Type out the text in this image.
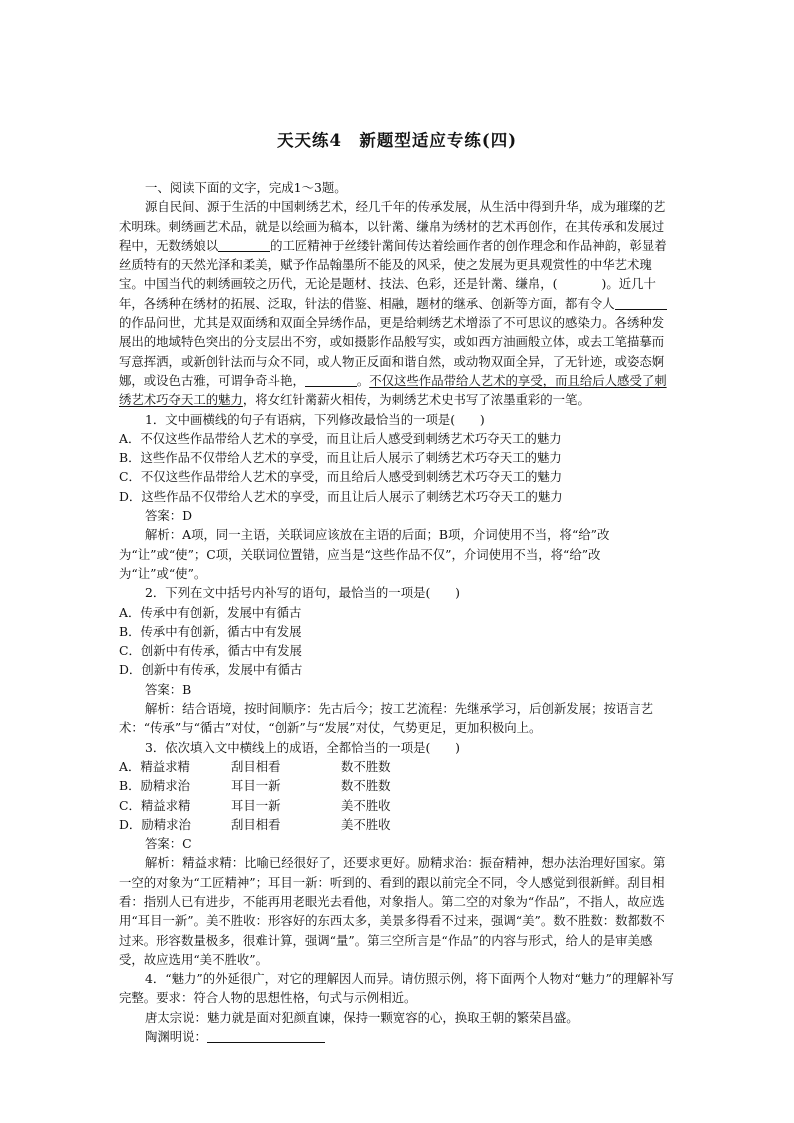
天天练4　新题型适应专练(四)

一、阅读下面的文字，完成1～3题。

源自民间、源于生活的中国刺绣艺术，经几千年的传承发展，从生活中得到升华，成为璀璨的艺术明珠。刺绣画艺术品，就是以绘画为稿本，以针黹、缣帛为绣材的艺术再创作，在其传承和发展过程中，无数绣娘以	的工匠精神于丝缕针黹间传达着绘画作者的创作理念和作品神韵，彰显着丝质特有的天然光泽和柔美，赋予作品翰墨所不能及的风采，使之发展为更具观赏性的中华艺术瑰宝。中国当代的刺绣画较之历代，无论是题材、技法、色彩，还是针黹、缣帛，(	)。近几十年，各绣种在绣材的拓展、泛取，针法的借鉴、相融，题材的继承、创新等方面，都有令人的作品问世，尤其是双面绣和双面全异绣作品，更是给刺绣艺术增添了不可思议的感染力。各绣种发展出的地域特色突出的分支层出不穷，或如摄影作品般写实，或如西方油画般立体，或去工笔描摹而写意挥洒，或新创针法而与众不同，或人物正反面和谐自然，或动物双面全异，了无针迹，或姿态婀娜，或设色古雅，可谓争奇斗艳，	。不仅这些作品带给人艺术的享受，而且给后人感受了刺绣艺术巧夺天工的魅力，将女红针黹薪火相传，为刺绣艺术史书写了浓墨重彩的一笔。

1．文中画横线的句子有语病，下列修改最恰当的一项是(　　)

A．不仅这些作品带给人艺术的享受，而且让后人感受到刺绣艺术巧夺天工的魅力

B．这些作品不仅带给人艺术的享受，而且让后人展示了刺绣艺术巧夺天工的魅力

C．不仅这些作品带给人艺术的享受，而且给后人感受到刺绣艺术巧夺天工的魅力

D．这些作品不仅带给人艺术的享受，而且让后人展示了刺绣艺术巧夺天工的魅力

答案：D

解析：A项，同一主语，关联词应该放在主语的后面；B项，介词使用不当，将“给”改为“让”或“使”；C项，关联词位置错，应当是“这些作品不仅”，介词使用不当，将“给”改为“让”或“使”。

2．下列在文中括号内补写的语句，最恰当的一项是(　　)

A．传承中有创新，发展中有循古

B．传承中有创新，循古中有发展

C．创新中有传承，循古中有发展

D．创新中有传承，发展中有循古

答案：B

解析：结合语境，按时间顺序：先古后今；按工艺流程：先继承学习，后创新发展；按语言艺术：“传承”与“循古”对仗，“创新”与“发展”对仗，气势更足，更加积极向上。

3．依次填入文中横线上的成语，全都恰当的一项是(　　)

A．精益求精	刮目相看	数不胜数

B．励精求治	耳目一新	数不胜数

C．精益求精	耳目一新	美不胜收

D．励精求治	刮目相看	美不胜收

答案：C

解析：精益求精：比喻已经很好了，还要求更好。励精求治：振奋精神，想办法治理好国家。第一空的对象为“工匠精神”；耳目一新：听到的、看到的跟以前完全不同，令人感觉到很新鲜。刮目相看：指别人已有进步，不能再用老眼光去看他，对象指人。第二空的对象为“作品”，不指人，故应选用“耳目一新”。美不胜收：形容好的东西太多，美景多得看不过来，强调“美”。数不胜数：数都数不过来。形容数量极多，很难计算，强调“量”。第三空所言是“作品”的内容与形式，给人的是审美感受，故应选用“美不胜收”。

4．“魅力”的外延很广，对它的理解因人而异。请仿照示例，将下面两个人物对“魅力”的理解补写完整。要求：符合人物的思想性格，句式与示例相近。

唐太宗说：魅力就是面对犯颜直谏，保持一颗宽容的心，换取王朝的繁荣昌盛。

陶渊明说：
